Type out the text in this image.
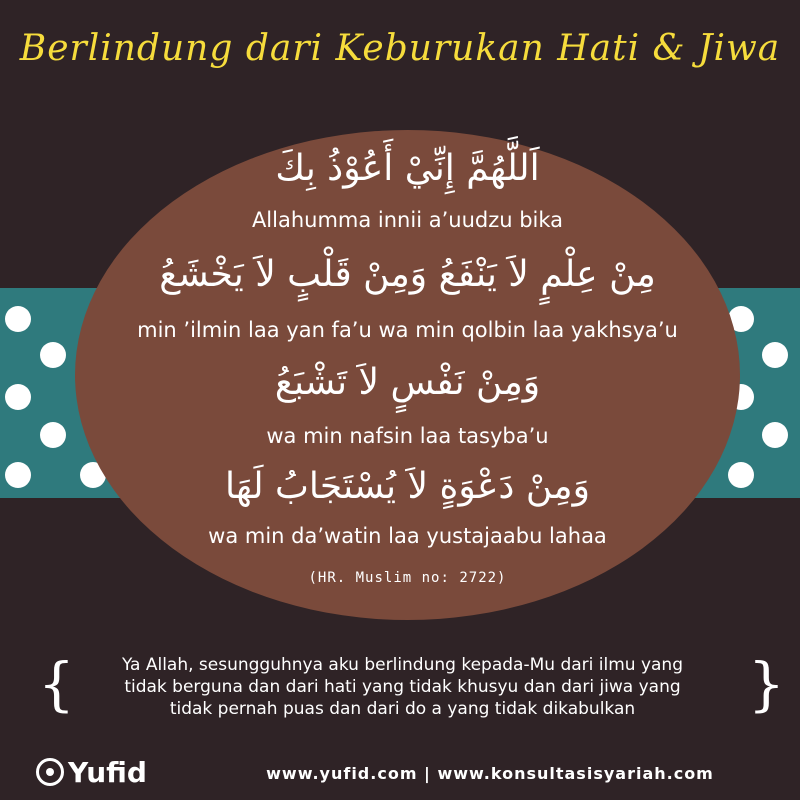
Berlindung dari Keburukan Hati & Jiwa
اَللَّهُمَّ إِنِّيْ أَعُوْذُ بِكَ
Allahumma innii a’uudzu bika
مِنْ عِلْمٍ لاَ يَنْفَعُ وَمِنْ قَلْبٍ لاَ يَخْشَعُ
min ’ilmin laa yan fa’u wa min qolbin laa yakhsya’u
وَمِنْ نَفْسٍ لاَ تَشْبَعُ
wa min nafsin laa tasyba’u
وَمِنْ دَعْوَةٍ لاَ يُسْتَجَابُ لَهَا
wa min da’watin laa yustajaabu lahaa
(HR. Muslim no: 2722)
{	Ya Allah, sesungguhnya aku berlindung kepada-Mu dari ilmu yang
tidak berguna dan dari hati yang tidak khusyu dan dari jiwa yang
tidak pernah puas dan dari do a yang tidak dikabulkan	}
Yufid	www.yufid.com | www.konsultasisyariah.com
